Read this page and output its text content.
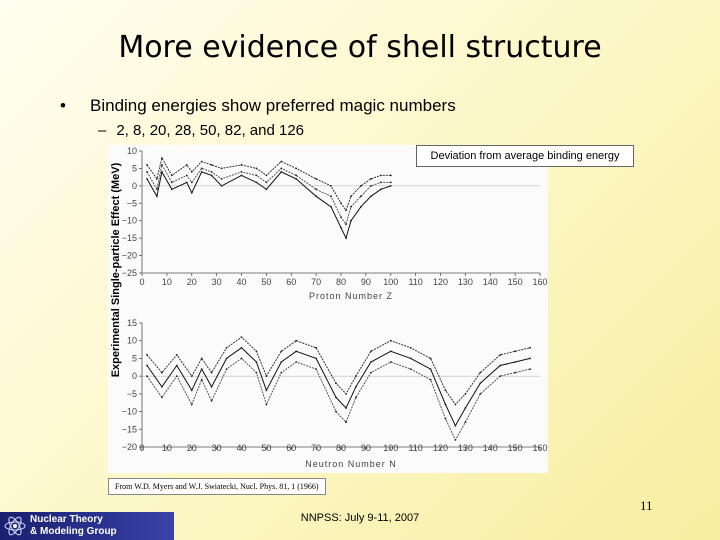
More evidence of shell structure
• Binding energies show preferred magic numbers
– 2, 8, 20, 28, 50, 82, and 126
10
5
0
−5
−10
−15
−20
−25
0 10 20 30 40 50 60 70 80 90 100 110 120 130 140 150 160
Proton Number Z
15
10
5
0
−5
−10
−15
−20 0 10 20 30 40 50 60 70 80 90 100 110 120 130 140 150 160
Neutron Number N
Deviation from average binding energy
Experimental Single-particle Effect (MeV)
From W.D. Myers and W.J. Swiatecki, Nucl. Phys. 81, 1 (1966)
11
NNPSS: July 9-11, 2007
Nuclear Theory
& Modeling Group
